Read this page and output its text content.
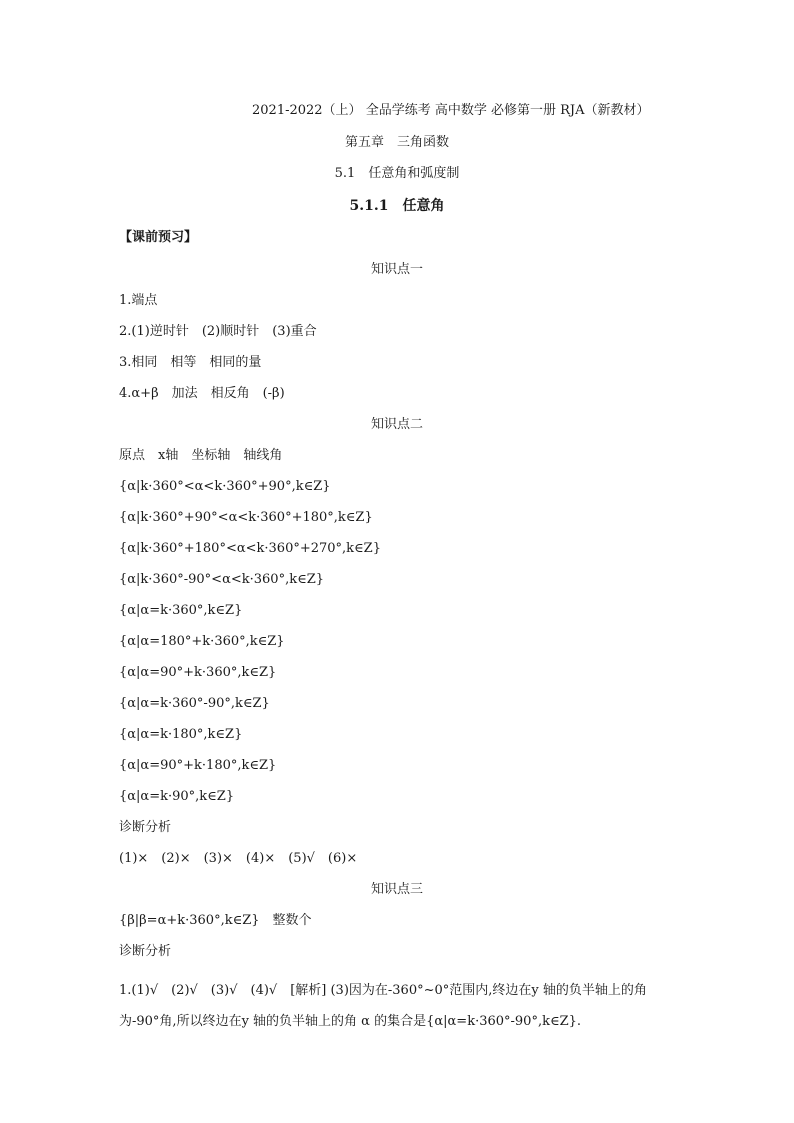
2021-2022（上） 全品学练考 高中数学 必修第一册 RJA（新教材）
第五章　三角函数
5.1　任意角和弧度制
5.1.1　任意角
【课前预习】
知识点一
1.端点
2.(1)逆时针　(2)顺时针　(3)重合
3.相同　相等　相同的量
4.α+β　加法　相反角　(-β)
知识点二
原点　x轴　坐标轴　轴线角
{α|k·360°<α<k·360°+90°,k∈Z}
{α|k·360°+90°<α<k·360°+180°,k∈Z}
{α|k·360°+180°<α<k·360°+270°,k∈Z}
{α|k·360°-90°<α<k·360°,k∈Z}
{α|α=k·360°,k∈Z}
{α|α=180°+k·360°,k∈Z}
{α|α=90°+k·360°,k∈Z}
{α|α=k·360°-90°,k∈Z}
{α|α=k·180°,k∈Z}
{α|α=90°+k·180°,k∈Z}
{α|α=k·90°,k∈Z}
诊断分析
(1)×　(2)×　(3)×　(4)×　(5)√　(6)×
知识点三
{β|β=α+k·360°,k∈Z}　整数个
诊断分析
1.(1)√　(2)√　(3)√　(4)√　[解析] (3)因为在-360°~0°范围内,终边在y 轴的负半轴上的角为-90°角,所以终边在y 轴的负半轴上的角 α 的集合是{α|α=k·360°-90°,k∈Z}.
